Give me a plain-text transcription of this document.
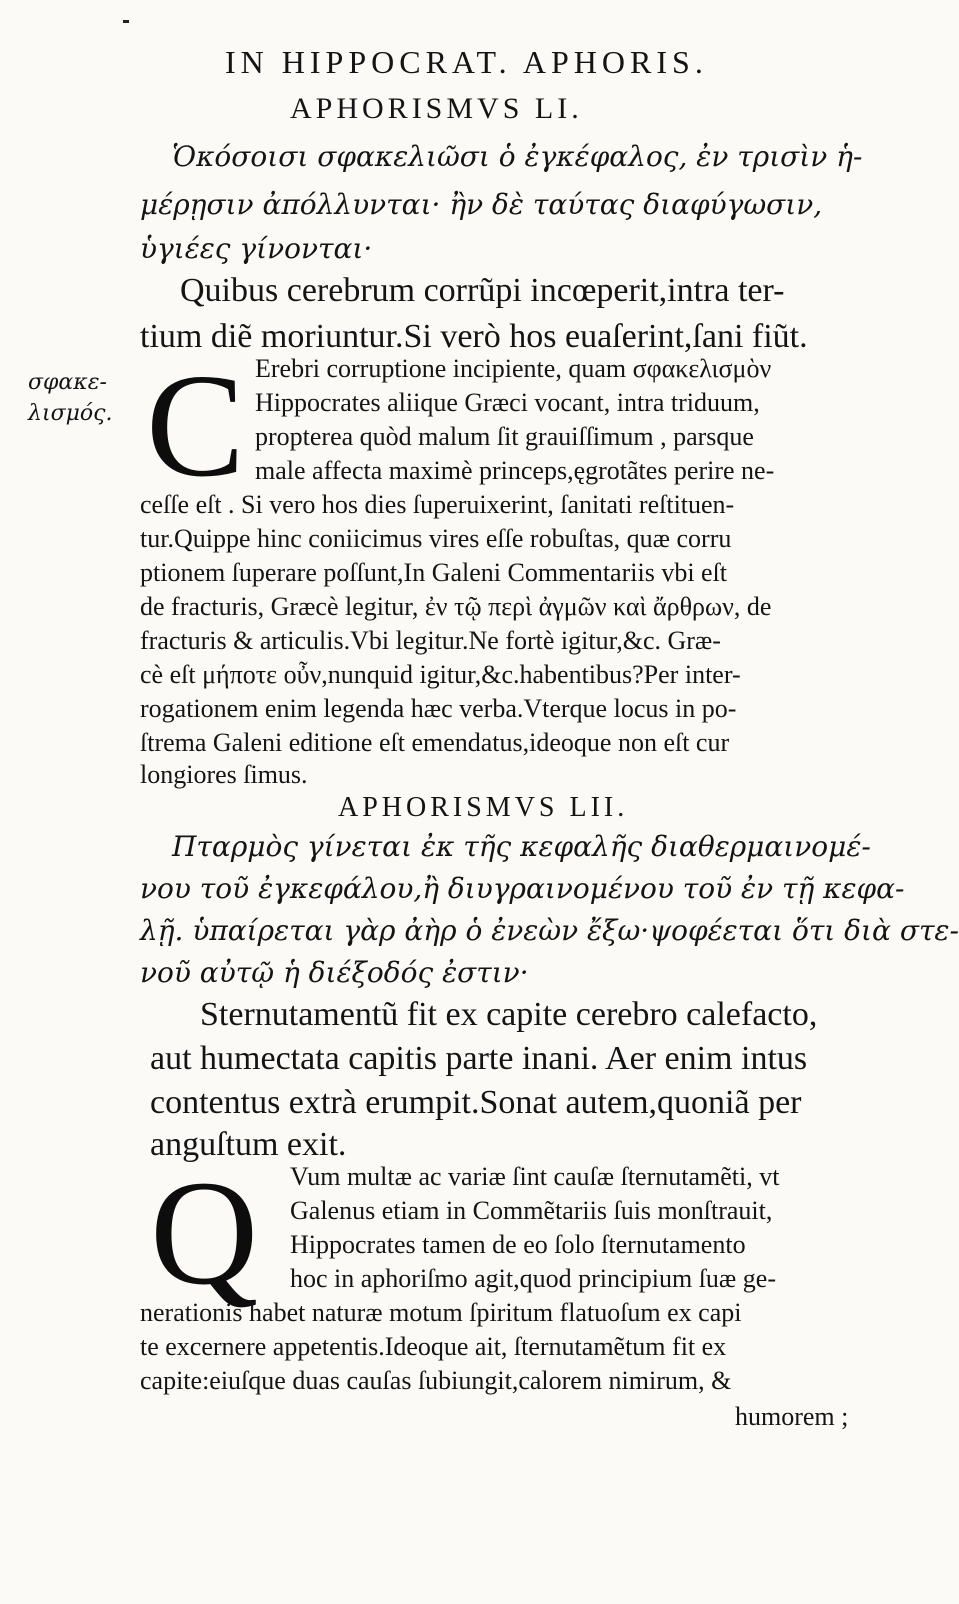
IN HIPPOCRAT. APHORIS.
APHORISMVS LI.
Ὁκόσοισι σφακελιῶσι ὁ ἐγκέφαλος, ἐν τρισὶν ἡ-
μέρῃσιν ἀπόλλυνται· ἢν δὲ ταύτας διαφύγωσιν,
ὑγιέες γίνονται·
Quibus cerebrum corrũpi incœperit,intra ter-
tium diẽ moriuntur.Si verò hos euaſerint,ſani fiũt.
σφακε-
λισμός. C Erebri corruptione incipiente, quam σφακελισμὸν
Hippocrates aliique Græci vocant, intra triduum,
propterea quòd malum ſit grauiſſimum , parsque
male affecta maximè princeps,ęgrotãtes perire ne-
ceſſe eſt . Si vero hos dies ſuperuixerint, ſanitati reſtituen-
tur.Quippe hinc coniicimus vires eſſe robuſtas, quæ corru
ptionem ſuperare poſſunt,In Galeni Commentariis vbi eſt
de fracturis, Græcè legitur, ἐν τῷ περὶ ἀγμῶν καὶ ἄρθρων, de
fracturis & articulis.Vbi legitur.Ne fortè igitur,&c. Græ-
cè eſt μήποτε οὖν,nunquid igitur,&c.habentibus?Per inter-
rogationem enim legenda hæc verba.Vterque locus in po-
ſtrema Galeni editione eſt emendatus,ideoque non eſt cur
longiores ſimus.
APHORISMVS LII.
Πταρμὸς γίνεται ἐκ τῆς κεφαλῆς διαθερμαινομέ-
νου τοῦ ἐγκεφάλου,ἢ διυγραινομένου τοῦ ἐν τῇ κεφα-
λῇ. ὑπαίρεται γὰρ ἀὴρ ὁ ἐνεὼν ἔξω·ψοφέεται ὅτι διὰ στε-
νοῦ αὐτῷ ἡ διέξοδός ἐστιν·
Sternutamentũ fit ex capite cerebro calefacto,
aut humectata capitis parte inani. Aer enim intus
contentus extrà erumpit.Sonat autem,quoniã per
anguſtum exit.
Q Vum multæ ac variæ ſint cauſæ ſternutamẽti, vt
Galenus etiam in Commẽtariis ſuis monſtrauit,
Hippocrates tamen de eo ſolo ſternutamento
hoc in aphoriſmo agit,quod principium ſuæ ge-
nerationis habet naturæ motum ſpiritum flatuoſum ex capi
te excernere appetentis.Ideoque ait, ſternutamẽtum fit ex
capite:eiuſque duas cauſas ſubiungit,calorem nimirum, &
humorem ;
